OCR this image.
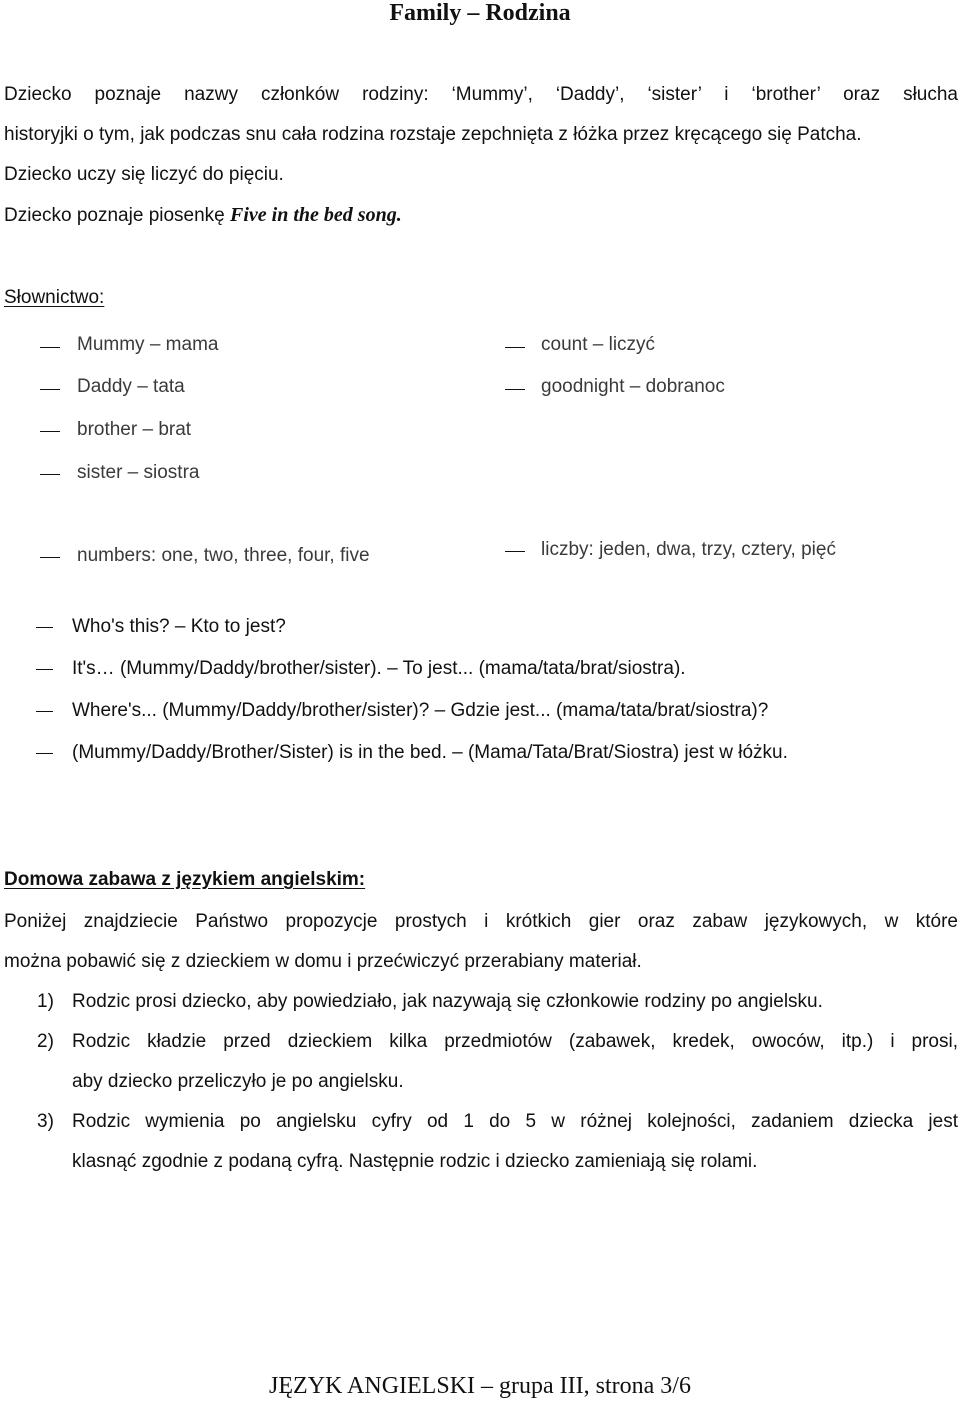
Family – Rodzina
Dziecko poznaje nazwy członków rodziny: ‘Mummy’, ‘Daddy’, ‘sister’ i ‘brother’ oraz słucha
historyjki o tym, jak podczas snu cała rodzina rozstaje zepchnięta z łóżka przez kręcącego się Patcha.
Dziecko uczy się liczyć do pięciu.
Dziecko poznaje piosenkę Five in the bed song.
Słownictwo:
Mummy – mama
Daddy – tata
brother – brat
sister – siostra
count – liczyć
goodnight – dobranoc
numbers: one, two, three, four, five	liczby: jeden, dwa, trzy, cztery, pięć
Who's this? – Kto to jest?
It's… (Mummy/Daddy/brother/sister). – To jest... (mama/tata/brat/siostra).
Where's... (Mummy/Daddy/brother/sister)? – Gdzie jest... (mama/tata/brat/siostra)?
(Mummy/Daddy/Brother/Sister) is in the bed. – (Mama/Tata/Brat/Siostra) jest w łóżku.
Domowa zabawa z językiem angielskim:
Poniżej znajdziecie Państwo propozycje prostych i krótkich gier oraz zabaw językowych, w które
można pobawić się z dzieckiem w domu i przećwiczyć przerabiany materiał.
1) Rodzic prosi dziecko, aby powiedziało, jak nazywają się członkowie rodziny po angielsku.
2) Rodzic kładzie przed dzieckiem kilka przedmiotów (zabawek, kredek, owoców, itp.) i prosi,
aby dziecko przeliczyło je po angielsku.
3) Rodzic wymienia po angielsku cyfry od 1 do 5 w różnej kolejności, zadaniem dziecka jest
klasnąć zgodnie z podaną cyfrą. Następnie rodzic i dziecko zamieniają się rolami.
JĘZYK ANGIELSKI – grupa III, strona 3/6
